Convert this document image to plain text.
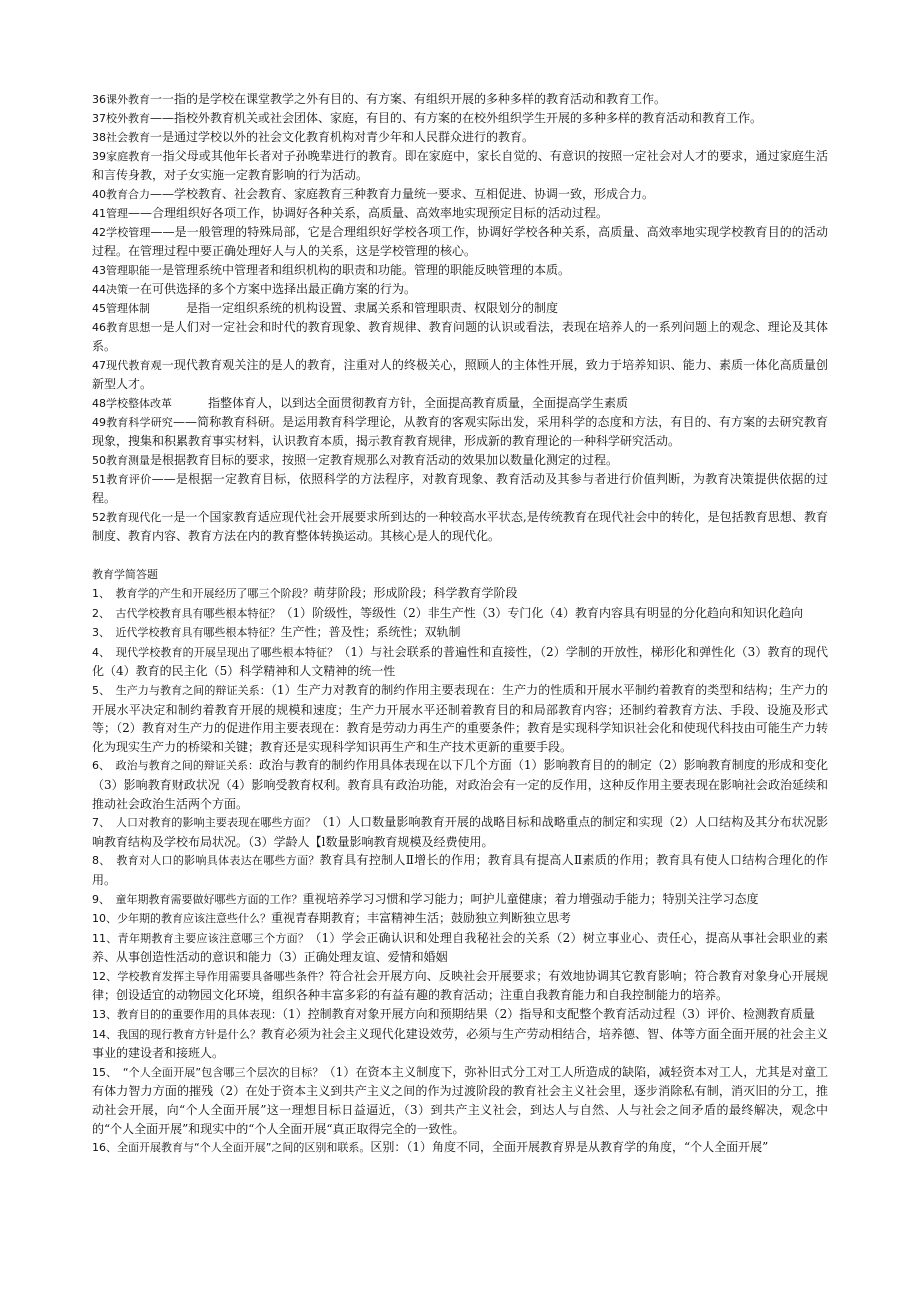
36课外教育一一指的是学校在课堂教学之外有目的、有方案、有组织开展的多种多样的教育活动和教育工作。

37校外教育——指校外教育机关或社会团体、家庭，有目的、有方案的在校外组织学生开展的多种多样的教育活动和教育工作。

38社会教育一是通过学校以外的社会文化教育机构对青少年和人民群众进行的教育。

39家庭教育一指父母或其他年长者对子孙晚辈进行的教育。即在家庭中，家长自觉的、有意识的按照一定社会对人才的要求，通过家庭生活和言传身教，对子女实施一定教育影响的行为活动。

40教育合力——学校教育、社会教育、家庭教育三种教育力量统一要求、互相促进、协调一致，形成合力。

41管理——合理组织好各项工作，协调好各种关系，高质量、高效率地实现预定目标的活动过程。

42学校管理——是一般管理的特殊局部，它是合理组织好学校各项工作，协调好学校各种关系，高质量、高效率地实现学校教育目的的活动过程。在管理过程中要正确处理好人与人的关系，这是学校管理的核心。

43管理职能一是管理系统中管理者和组织机构的职责和功能。管理的职能反映管理的本质。

44决策一在可供选择的多个方案中选择出最正确方案的行为。

45管理体制　　　是指一定组织系统的机构设置、隶属关系和管理职责、权限划分的制度

46教育思想一是人们对一定社会和时代的教育现象、教育规律、教育问题的认识或看法，表现在培养人的一系列问题上的观念、理论及其体系。

47现代教育观一现代教育观关注的是人的教育，注重对人的终极关心，照顾人的主体性开展，致力于培养知识、能力、素质一体化高质量创新型人才。

48学校整体改革　　　指整体育人，以到达全面贯彻教育方针，全面提高教育质量，全面提高学生素质

49教育科学研究——简称教育科研。是运用教育科学理论，从教育的客观实际出发，采用科学的态度和方法，有目的、有方案的去研究教育现象，搜集和积累教育事实材料，认识教育本质，揭示教育教育规律，形成新的教育理论的一种科学研究活动。

50教育测量是根据教育目标的要求，按照一定教育规那么对教育活动的效果加以数量化测定的过程。

51教育评价——是根据一定教育目标，依照科学的方法程序，对教育现象、教育活动及其参与者进行价值判断，为教育决策提供依据的过程。

52教育现代化一是一个国家教育适应现代社会开展要求所到达的一种较高水平状态,是传统教育在现代社会中的转化，是包括教育思想、教育制度、教育内容、教育方法在内的教育整体转换运动。其核心是人的现代化。

教育学简答题

1、　教育学的产生和开展经历了哪三个阶段？萌芽阶段；形成阶段；科学教育学阶段

2、　古代学校教育具有哪些根本特征？（1）阶级性，等级性（2）非生产性（3）专门化（4）教育内容具有明显的分化趋向和知识化趋向

3、　近代学校教育具有哪些根本特征？生产性；普及性；系统性；双轨制

4、　现代学校教育的开展呈现出了哪些根本特征？（1）与社会联系的普遍性和直接性，（2）学制的开放性，梯形化和弹性化（3）教育的现代化（4）教育的民主化（5）科学精神和人文精神的统一性

5、　生产力与教育之间的辩证关系：（1）生产力对教育的制约作用主要表现在：生产力的性质和开展水平制约着教育的类型和结构；生产力的开展水平决定和制约着教育开展的规模和速度；生产力开展水平还制着教育目的和局部教育内容；还制约着教育方法、手段、设施及形式等；（2）教育对生产力的促进作用主要表现在：教育是劳动力再生产的重要条件；教育是实现科学知识社会化和使现代科技由可能生产力转化为现实生产力的桥梁和关键；教育还是实现科学知识再生产和生产技术更新的重要手段。

6、　政治与教育之间的辩证关系：政治与教育的制约作用具体表现在以下几个方面（1）影响教育目的的制定（2）影响教育制度的形成和变化（3）影响教育财政状况（4）影响受教育权利。教育具有政治功能，对政治会有一定的反作用，这种反作用主要表现在影响社会政治延续和推动社会政治生活两个方面。

7、　人口对教育的影响主要表现在哪些方面？（1）人口数量影响教育开展的战略目标和战略重点的制定和实现（2）人口结构及其分布状况影响教育结构及学校布局状况。（3）学龄人【l数量影响教育规模及经费使用。

8、　教育对人口的影响具体表达在哪些方面？教育具有控制人Ⅱ增长的作用；教育具有提高人Ⅱ素质的作用；教育具有使人口结构合理化的作用。

9、　童年期教育需要做好哪些方面的工作？重视培养学习习惯和学习能力；呵护儿童健康；着力增强动手能力；特别关注学习态度

10、少年期的教育应该注意些什么？重视青春期教育；丰富精神生活；鼓励独立判断独立思考

11、青年期教育主要应该注意哪三个方面？（1）学会正确认识和处理自我秘社会的关系（2）树立事业心、责任心，提高从事社会职业的素养、从事创造性活动的意识和能力（3）正确处理友谊、爱情和婚姻

12、学校教育发挥主导作用需要具备哪些条件？符合社会开展方向、反映社会开展要求；有效地协调其它教育影响；符合教育对象身心开展规律；创设适宜的动物园文化环境，组织各种丰富多彩的有益有趣的教育活动；注重自我教育能力和自我控制能力的培养。

13、教育目的的重要作用的具体表现：（1）控制教育对象开展方向和预期结果（2）指导和支配整个教育活动过程（3）评价、检测教育质量

14、我国的现行教育方针是什么？教育必须为社会主义现代化建设效劳，必须与生产劳动相结合，培养德、智、体等方面全面开展的社会主义事业的建设者和接班人。

15、　“个人全面开展”包含哪三个层次的目标？（1）在资本主义制度下，弥补旧式分工对工人所造成的缺陷，减轻资本对工人，尤其是对童工有体力智力方面的摧残（2）在处于资本主义到共产主义之间的作为过渡阶段的教育社会主义社会里，逐步消除私有制，消灭旧的分工，推动社会开展，向“个人全面开展”这一理想目标日益逼近，（3）到共产主义社会，到达人与自然、人与社会之间矛盾的最终解决，观念中的“个人全面开展”和现实中的“个人全面开展“真正取得完全的一致性。

16、全面开展教育与“个人全面开展”之间的区别和联系。区别：（1）角度不同，全面开展教育界是从教育学的角度，“个人全面开展”
